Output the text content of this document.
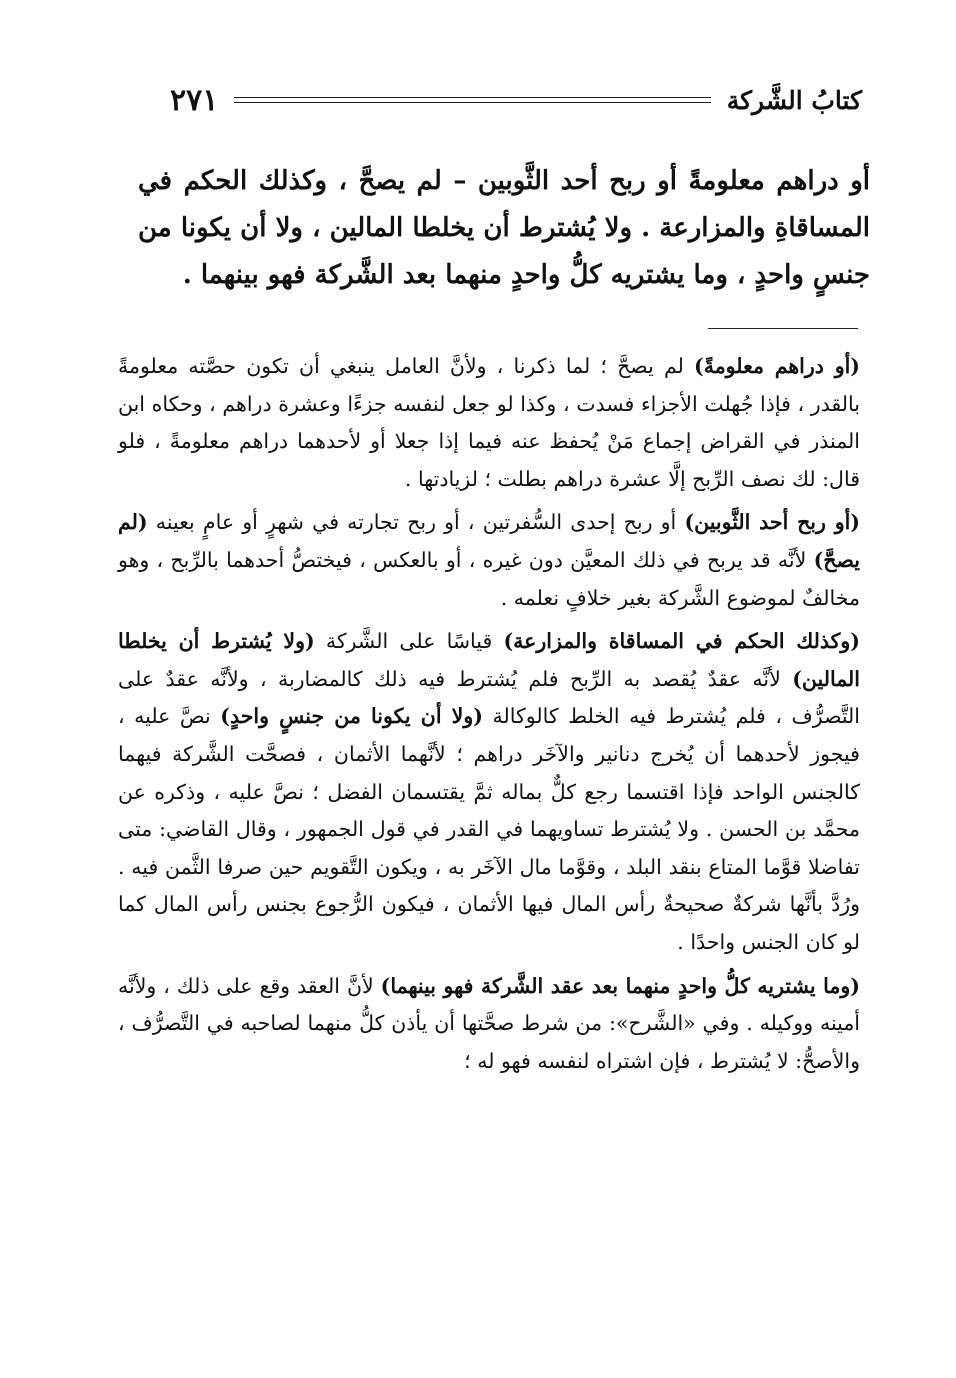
كتابُ الشَّركة
٢٧١

أو دراهم معلومةً أو ربح أحد الثَّوبين – لم يصحَّ ، وكذلك الحكم في المساقاةِ والمزارعة . ولا يُشترط أن يخلطا المالين ، ولا أن يكونا من جنسٍ واحدٍ ، وما يشتريه كلُّ واحدٍ منهما بعد الشَّركة فهو بينهما .

(أو دراهم معلومةً) لم يصحَّ ؛ لما ذكرنا ، ولأنَّ العامل ينبغي أن تكون حصَّته معلومةً بالقدر ، فإذا جُهلت الأجزاء فسدت ، وكذا لو جعل لنفسه جزءًا وعشرة دراهم ، وحكاه ابن المنذر في القراض إجماع مَنْ يُحفظ عنه فيما إذا جعلا أو لأحدهما دراهم معلومةً ، فلو قال: لك نصف الرِّبح إلَّا عشرة دراهم بطلت ؛ لزيادتها .

(أو ربح أحد الثَّوبين) أو ربح إحدى السُّفرتين ، أو ربح تجارته في شهرٍ أو عامٍ بعينه (لم يصحَّ) لأنَّه قد يربح في ذلك المعيَّن دون غيره ، أو بالعكس ، فيختصُّ أحدهما بالرِّبح ، وهو مخالفٌ لموضوع الشَّركة بغير خلافٍ نعلمه .

(وكذلك الحكم في المساقاة والمزارعة) قياسًا على الشَّركة (ولا يُشترط أن يخلطا المالين) لأنَّه عقدٌ يُقصد به الرِّبح فلم يُشترط فيه ذلك كالمضاربة ، ولأنَّه عقدٌ على التَّصرُّف ، فلم يُشترط فيه الخلط كالوكالة (ولا أن يكونا من جنسٍ واحدٍ) نصَّ عليه ، فيجوز لأحدهما أن يُخرج دنانير والآخَر دراهم ؛ لأنَّهما الأثمان ، فصحَّت الشَّركة فيهما كالجنس الواحد فإذا اقتسما رجع كلٌّ بماله ثمَّ يقتسمان الفضل ؛ نصَّ عليه ، وذكره عن محمَّد بن الحسن . ولا يُشترط تساويهما في القدر في قول الجمهور ، وقال القاضي: متى تفاضلا قوَّما المتاع بنقد البلد ، وقوَّما مال الآخَر به ، ويكون التَّقويم حين صرفا الثَّمن فيه . ورُدَّ بأنَّها شركةٌ صحيحةٌ رأس المال فيها الأثمان ، فيكون الرُّجوع بجنس رأس المال كما لو كان الجنس واحدًا .

(وما يشتريه كلُّ واحدٍ منهما بعد عقد الشَّركة فهو بينهما) لأنَّ العقد وقع على ذلك ، ولأنَّه أمينه ووكيله . وفي «الشَّرح»: من شرط صحَّتها أن يأذن كلُّ منهما لصاحبه في التَّصرُّف ، والأصحُّ: لا يُشترط ، فإن اشتراه لنفسه فهو له ؛
